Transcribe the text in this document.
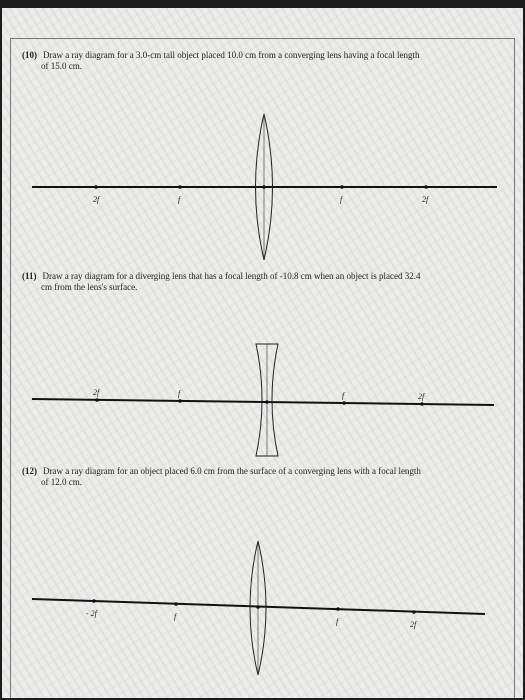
(10) Draw a ray diagram for a 3.0-cm tall object placed 10.0 cm from a converging lens having a focal length
of 15.0 cm.
(11) Draw a ray diagram for a diverging lens that has a focal length of -10.8 cm when an object is placed 32.4
cm from the lens's surface.
(12) Draw a ray diagram for an object placed 6.0 cm from the surface of a converging lens with a focal length
of 12.0 cm.
2f	f	f	2f
2f	f	f	2f
- 2f	f
f	2f
